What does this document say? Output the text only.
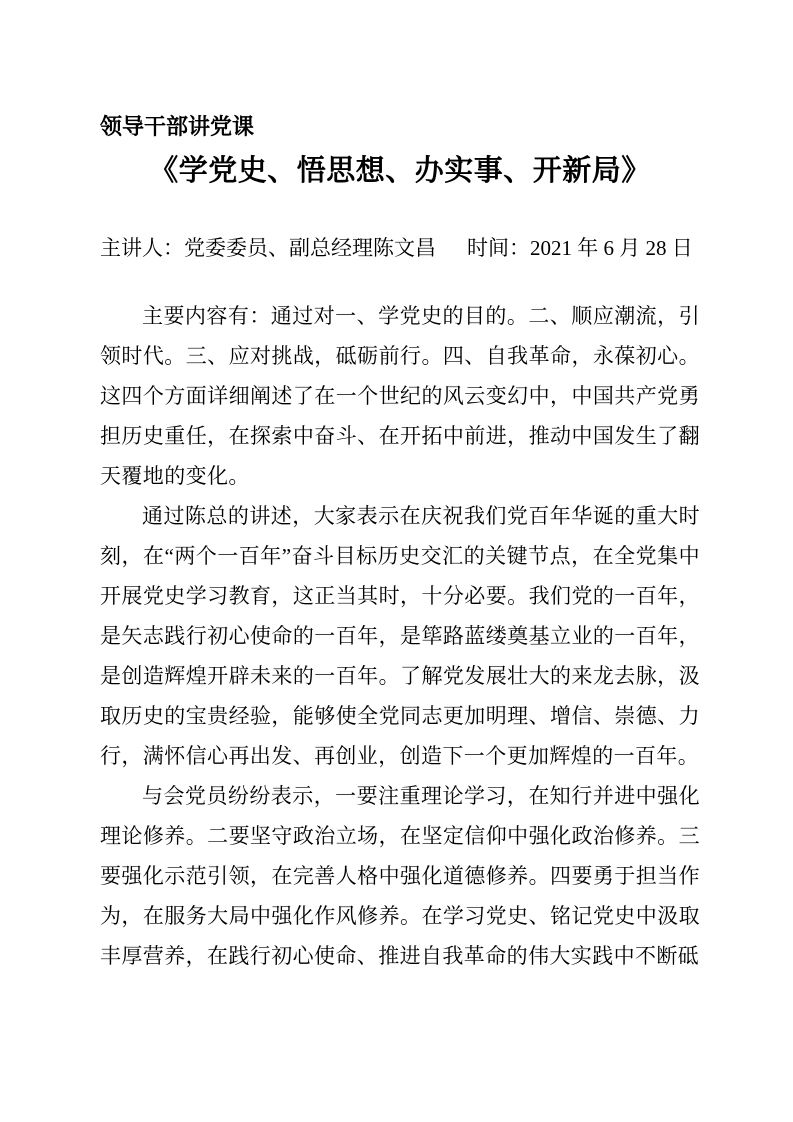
领导干部讲党课
《学党史、悟思想、办实事、开新局》
主讲人：党委委员、副总经理陈文昌 时间：2021 年 6 月 28 日

主要内容有：通过对一、学党史的目的。二、顺应潮流，引领时代。三、应对挑战，砥砺前行。四、自我革命，永葆初心。这四个方面详细阐述了在一个世纪的风云变幻中，中国共产党勇担历史重任，在探索中奋斗、在开拓中前进，推动中国发生了翻天覆地的变化。

通过陈总的讲述，大家表示在庆祝我们党百年华诞的重大时刻，在“两个一百年”奋斗目标历史交汇的关键节点，在全党集中开展党史学习教育，这正当其时，十分必要。我们党的一百年，是矢志践行初心使命的一百年，是筚路蓝缕奠基立业的一百年，是创造辉煌开辟未来的一百年。了解党发展壮大的来龙去脉，汲取历史的宝贵经验，能够使全党同志更加明理、增信、崇德、力行，满怀信心再出发、再创业，创造下一个更加辉煌的一百年。

与会党员纷纷表示，一要注重理论学习，在知行并进中强化理论修养。二要坚守政治立场，在坚定信仰中强化政治修养。三要强化示范引领，在完善人格中强化道德修养。四要勇于担当作为，在服务大局中强化作风修养。在学习党史、铭记党史中汲取丰厚营养，在践行初心使命、推进自我革命的伟大实践中不断砥
